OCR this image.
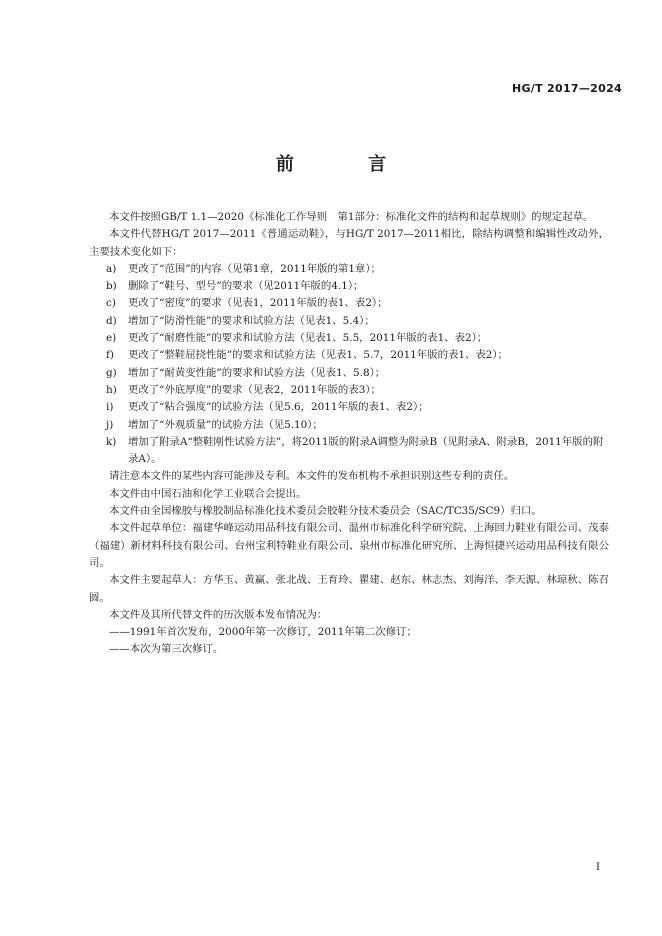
HG/T 2017—2024
前 言

本文件按照GB/T 1.1—2020《标准化工作导则　第1部分：标准化文件的结构和起草规则》的规定起草。

本文件代替HG/T 2017—2011《普通运动鞋》，与HG/T 2017—2011相比，除结构调整和编辑性改动外，主要技术变化如下：

a) 更改了“范围”的内容（见第1章，2011年版的第1章）；

b) 删除了“鞋号、型号”的要求（见2011年版的4.1）；

c) 更改了“密度”的要求（见表1，2011年版的表1、表2）；

d) 增加了“防滑性能”的要求和试验方法（见表1、5.4）；

e) 更改了“耐磨性能”的要求和试验方法（见表1、5.5，2011年版的表1、表2）；

f) 更改了“整鞋屈挠性能”的要求和试验方法（见表1、5.7，2011年版的表1、表2）；

g) 增加了“耐黄变性能”的要求和试验方法（见表1、5.8）；

h) 更改了“外底厚度”的要求（见表2，2011年版的表3）；

i) 更改了“粘合强度”的试验方法（见5.6，2011年版的表1、表2）；

j) 增加了“外观质量”的试验方法（见5.10）；

k) 增加了附录A“整鞋刚性试验方法”，将2011版的附录A调整为附录B（见附录A、附录B，2011年版的附录A）。

请注意本文件的某些内容可能涉及专利。本文件的发布机构不承担识别这些专利的责任。

本文件由中国石油和化学工业联合会提出。

本文件由全国橡胶与橡胶制品标准化技术委员会胶鞋分技术委员会（SAC/TC35/SC9）归口。

本文件起草单位：福建华峰运动用品科技有限公司、温州市标准化科学研究院、上海回力鞋业有限公司、茂泰（福建）新材料科技有限公司、台州宝利特鞋业有限公司、泉州市标准化研究所、上海恒捷兴运动用品科技有限公司。

本文件主要起草人：方华玉、黄赢、张北战、王育玲、瞿建、赵东、林志杰、刘海洋、李天源、林琼秋、陈召圆。

本文件及其所代替文件的历次版本发布情况为：

——1991年首次发布，2000年第一次修订，2011年第二次修订；

——本次为第三次修订。

I
